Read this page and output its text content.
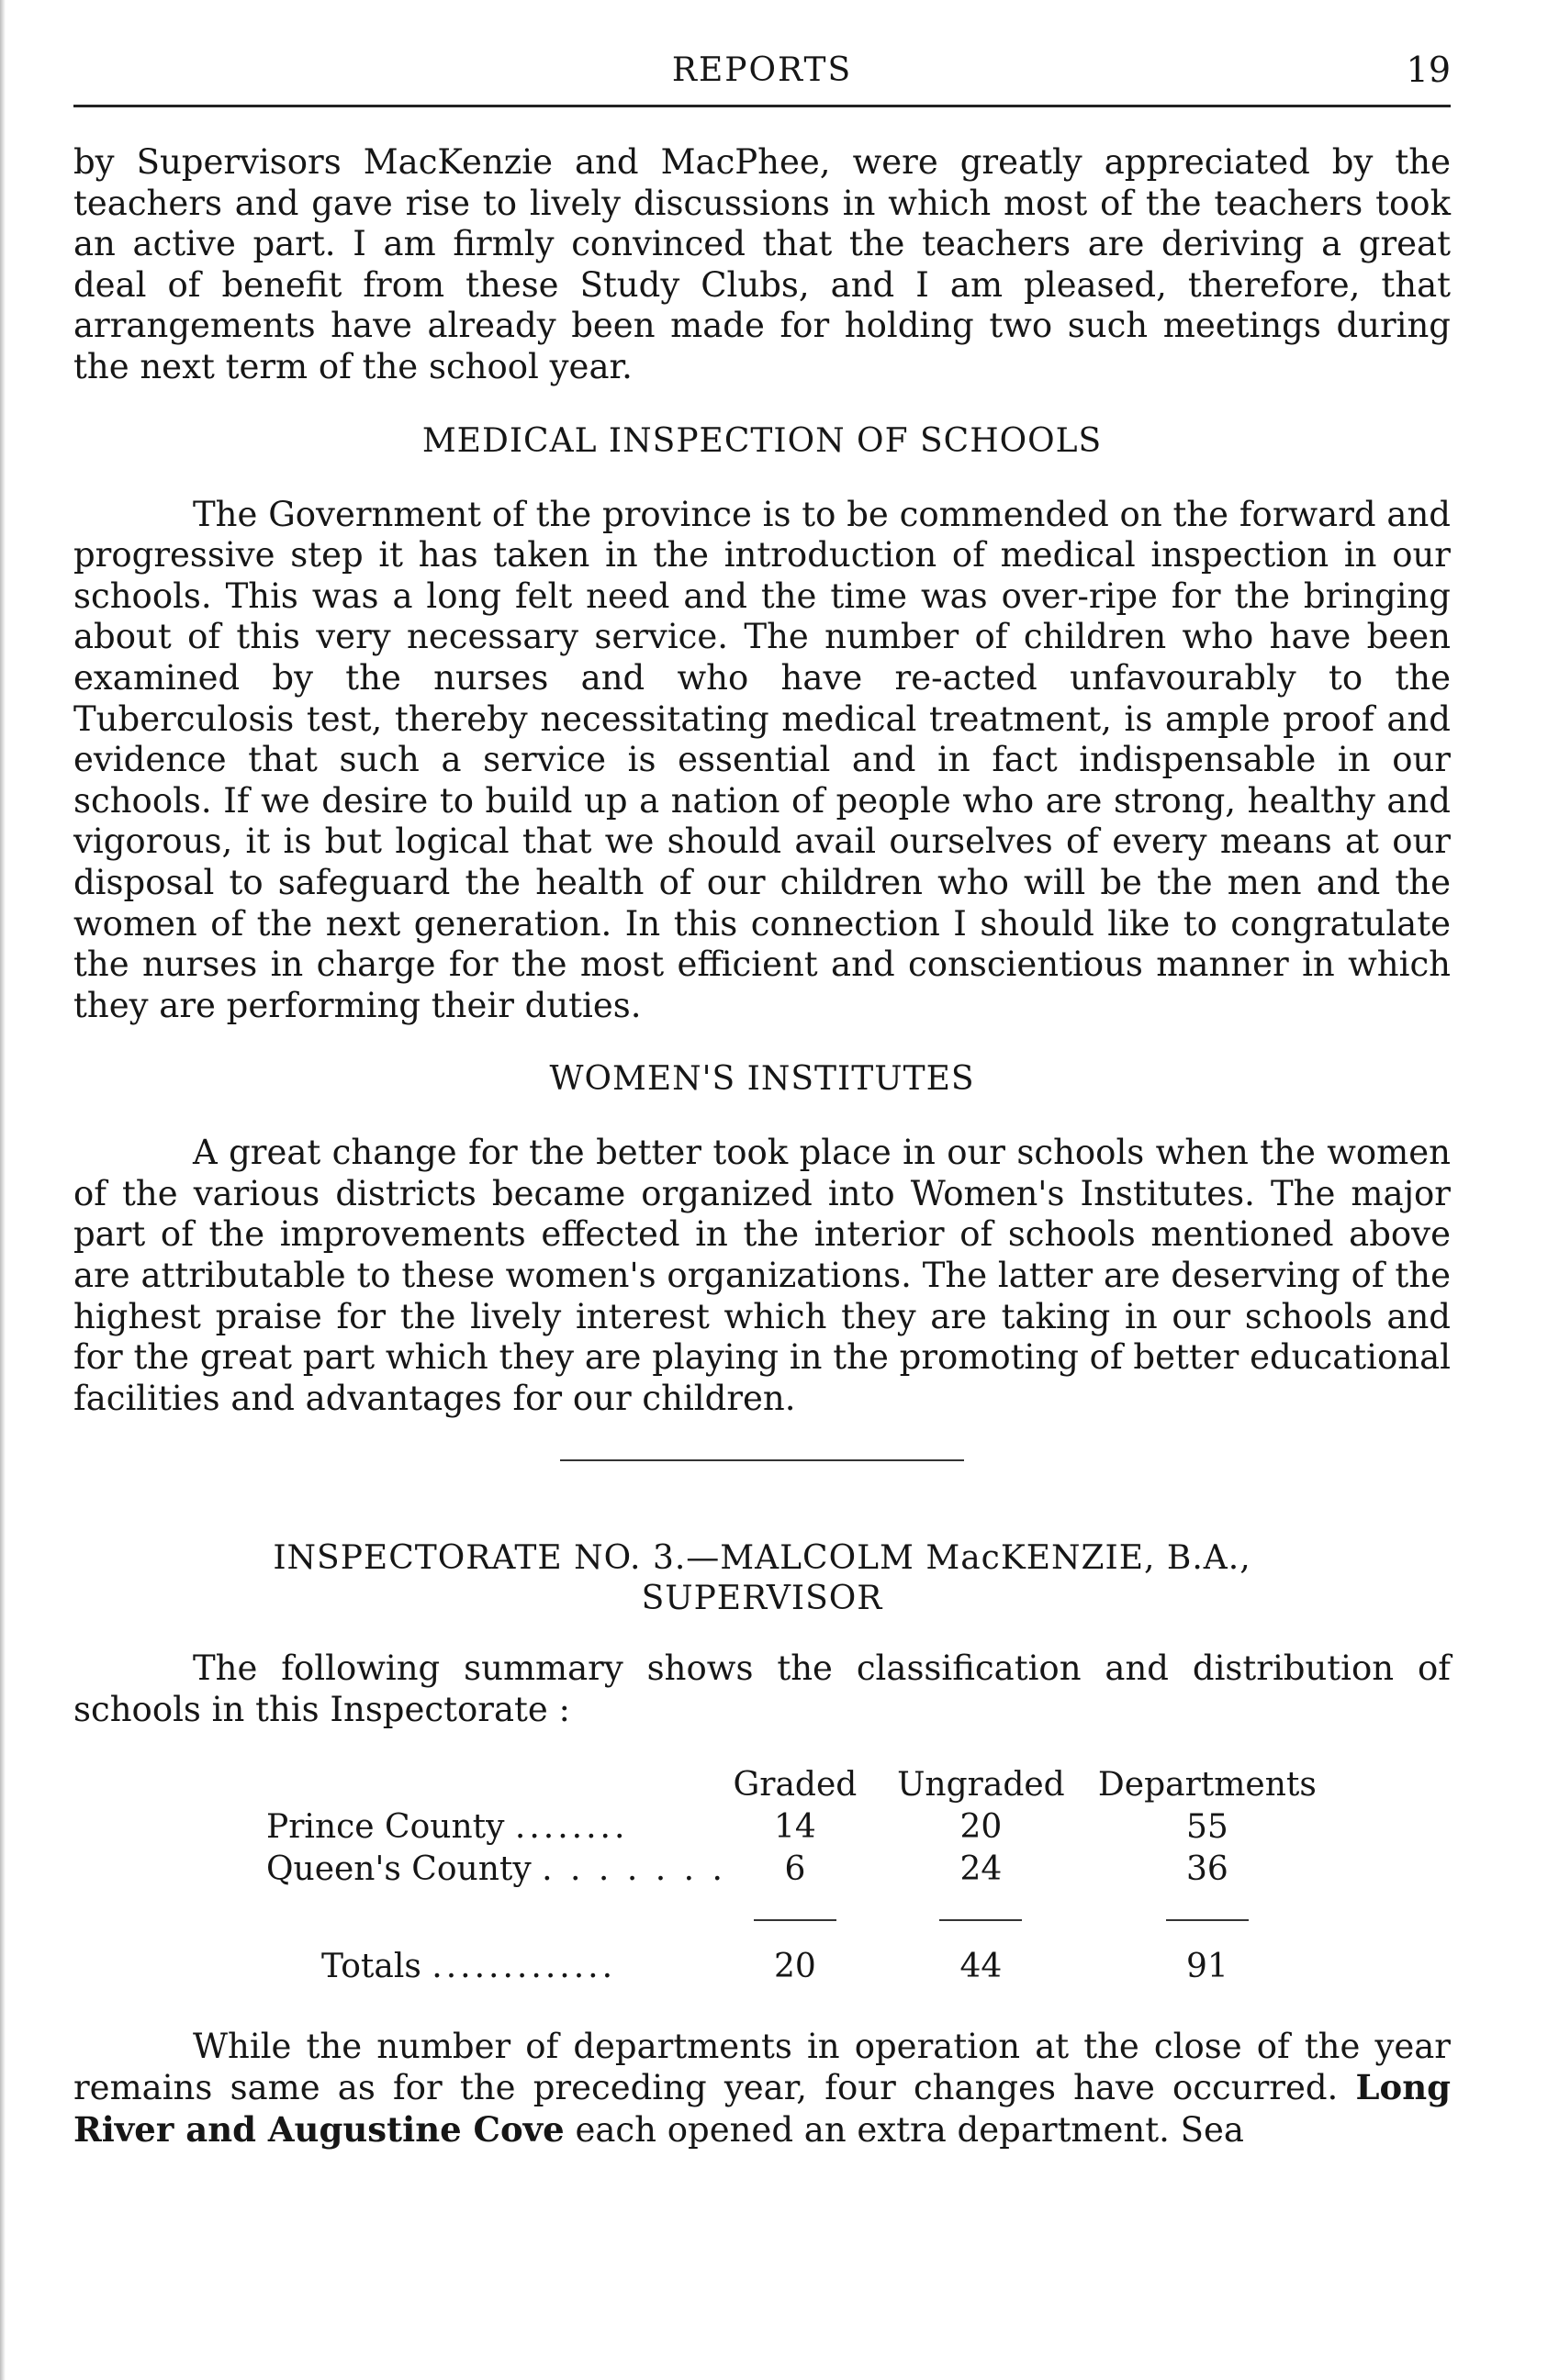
REPORTS	19

by Supervisors MacKenzie and MacPhee, were greatly appreciated by the teachers and gave rise to lively discussions in which most of the teachers took an active part. I am firmly convinced that the teachers are deriving a great deal of benefit from these Study Clubs, and I am pleased, therefore, that arrangements have already been made for holding two such meetings during the next term of the school year.

MEDICAL INSPECTION OF SCHOOLS

The Government of the province is to be commended on the forward and progressive step it has taken in the introduction of medical inspection in our schools. This was a long felt need and the time was over-ripe for the bringing about of this very necessary service. The number of children who have been examined by the nurses and who have re-acted unfavourably to the Tuberculosis test, thereby necessitating medical treatment, is ample proof and evidence that such a service is essential and in fact indispensable in our schools. If we desire to build up a nation of people who are strong, healthy and vigorous, it is but logical that we should avail ourselves of every means at our disposal to safeguard the health of our children who will be the men and the women of the next generation. In this connection I should like to congratulate the nurses in charge for the most efficient and conscientious manner in which they are performing their duties.

WOMEN'S INSTITUTES

A great change for the better took place in our schools when the women of the various districts became organized into Women's Institutes. The major part of the improvements effected in the interior of schools mentioned above are attributable to these women's organizations. The latter are deserving of the highest praise for the lively interest which they are taking in our schools and for the great part which they are playing in the promoting of better educational facilities and advantages for our children.

INSPECTORATE NO. 3.—MALCOLM MacKENZIE, B.A.,
SUPERVISOR

The following summary shows the classification and distribution of schools in this Inspectorate :

	Graded	Ungraded	Departments
Prince County ........	14	20	55
Queen's County . . . . . . .	6	24	36

Totals .............	20	44	91

While the number of departments in operation at the close of the year remains same as for the preceding year, four changes have occurred. Long River and Augustine Cove each opened an extra department. Sea
